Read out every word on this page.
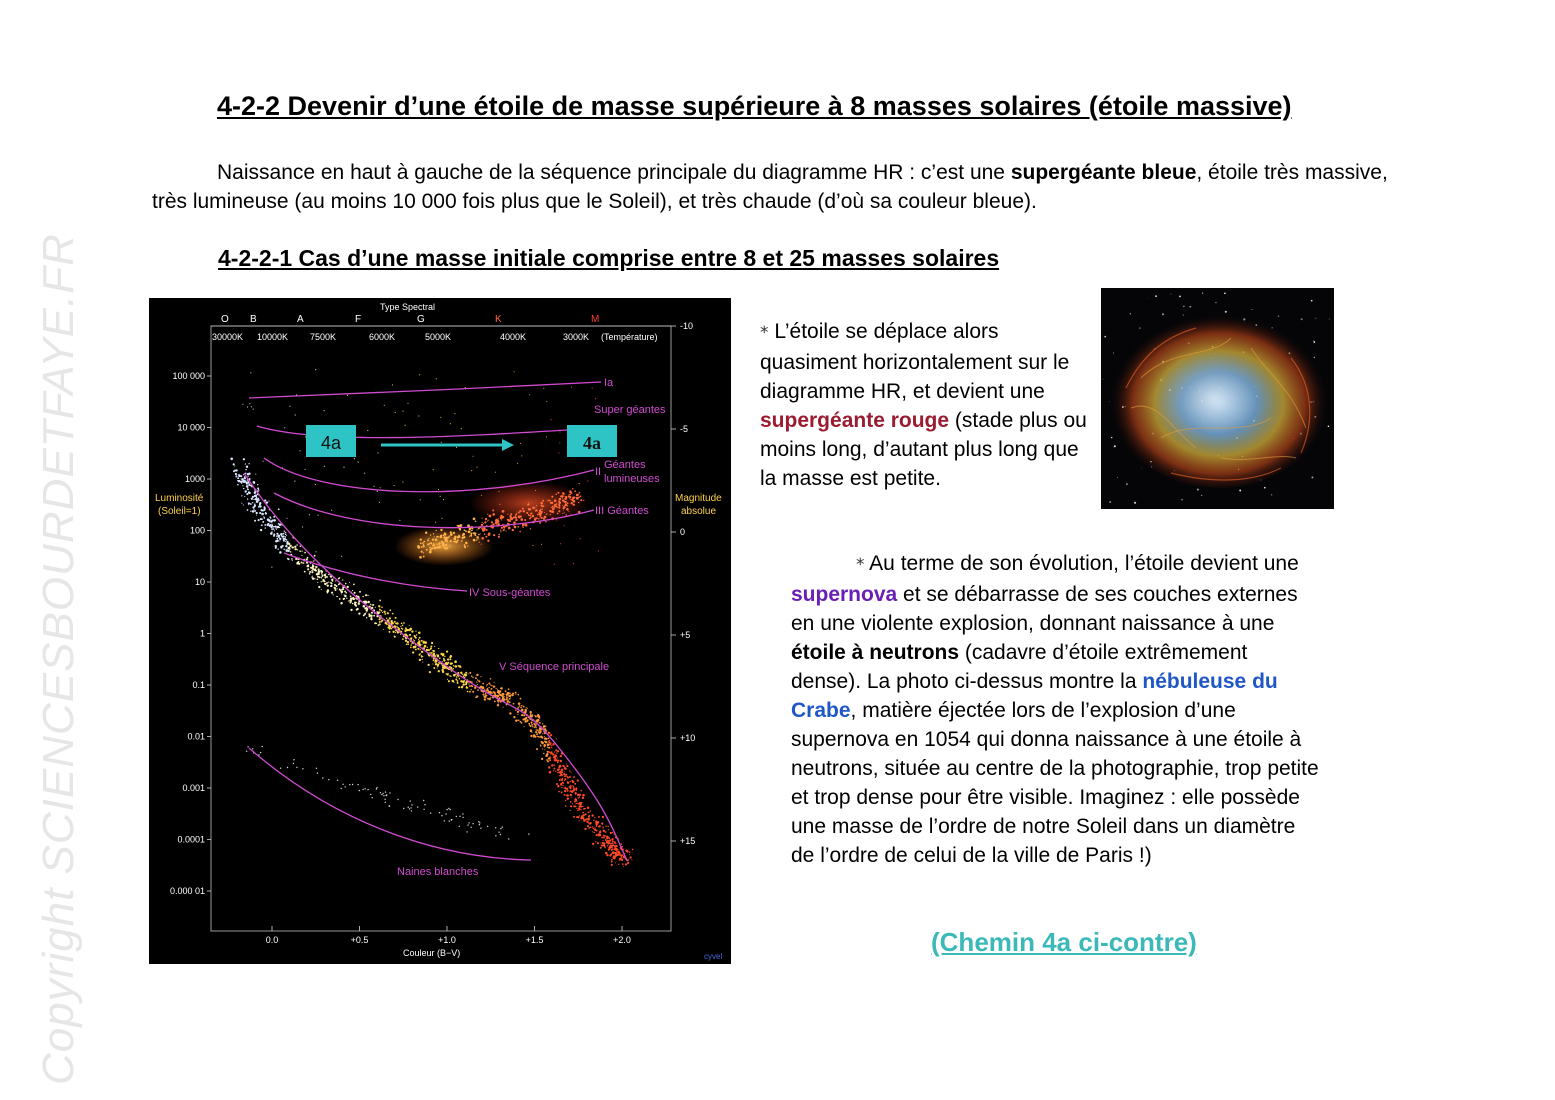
Copyright SCIENCESBOURDETFAYE.FR
4-2-2 Devenir d’une étoile de masse supérieure à 8 masses solaires (étoile massive)

Naissance en haut à gauche de la séquence principale du diagramme HR : c’est une supergéante bleue, étoile très massive, très lumineuse (au moins 10 000 fois plus que le Soleil), et très chaude (d’où sa couleur bleue).

4-2-2-1 Cas d’une masse initiale comprise entre 8 et 25 masses solaires
Type Spectral
O B	A	F	G	K	M
30000K 10000K 7500K	6000K	5000K	4000K	3000K (Température)
Ia
Super géantes
II
Géantes
lumineuses
III Géantes
IV Sous-géantes
V Séquence principale
Naines blanches
Luminosité
(Soleil=1)
100 000
10 000
1000
100
10
1
0.1
0.01
0.001
0.0001
0.000 01
Magnitude
absolue
-10
-5
0
+5
+10
+15
0.0	+0.5	+1.0	+1.5	+2.0
Couleur (B−V)
4a	4a
cyvel

* L’étoile se déplace alors quasiment horizontalement sur le diagramme HR, et devient une supergéante rouge (stade plus ou moins long, d’autant plus long que la masse est petite.

* Au terme de son évolution, l’étoile devient une supernova et se débarrasse de ses couches externes en une violente explosion, donnant naissance à une étoile à neutrons (cadavre d’étoile extrêmement dense). La photo ci-dessus montre la nébuleuse du Crabe, matière éjectée lors de l’explosion d’une supernova en 1054 qui donna naissance à une étoile à neutrons, située au centre de la photographie, trop petite et trop dense pour être visible. Imaginez : elle possède une masse de l’ordre de notre Soleil dans un diamètre de l’ordre de celui de la ville de Paris !)

(Chemin 4a ci-contre)
